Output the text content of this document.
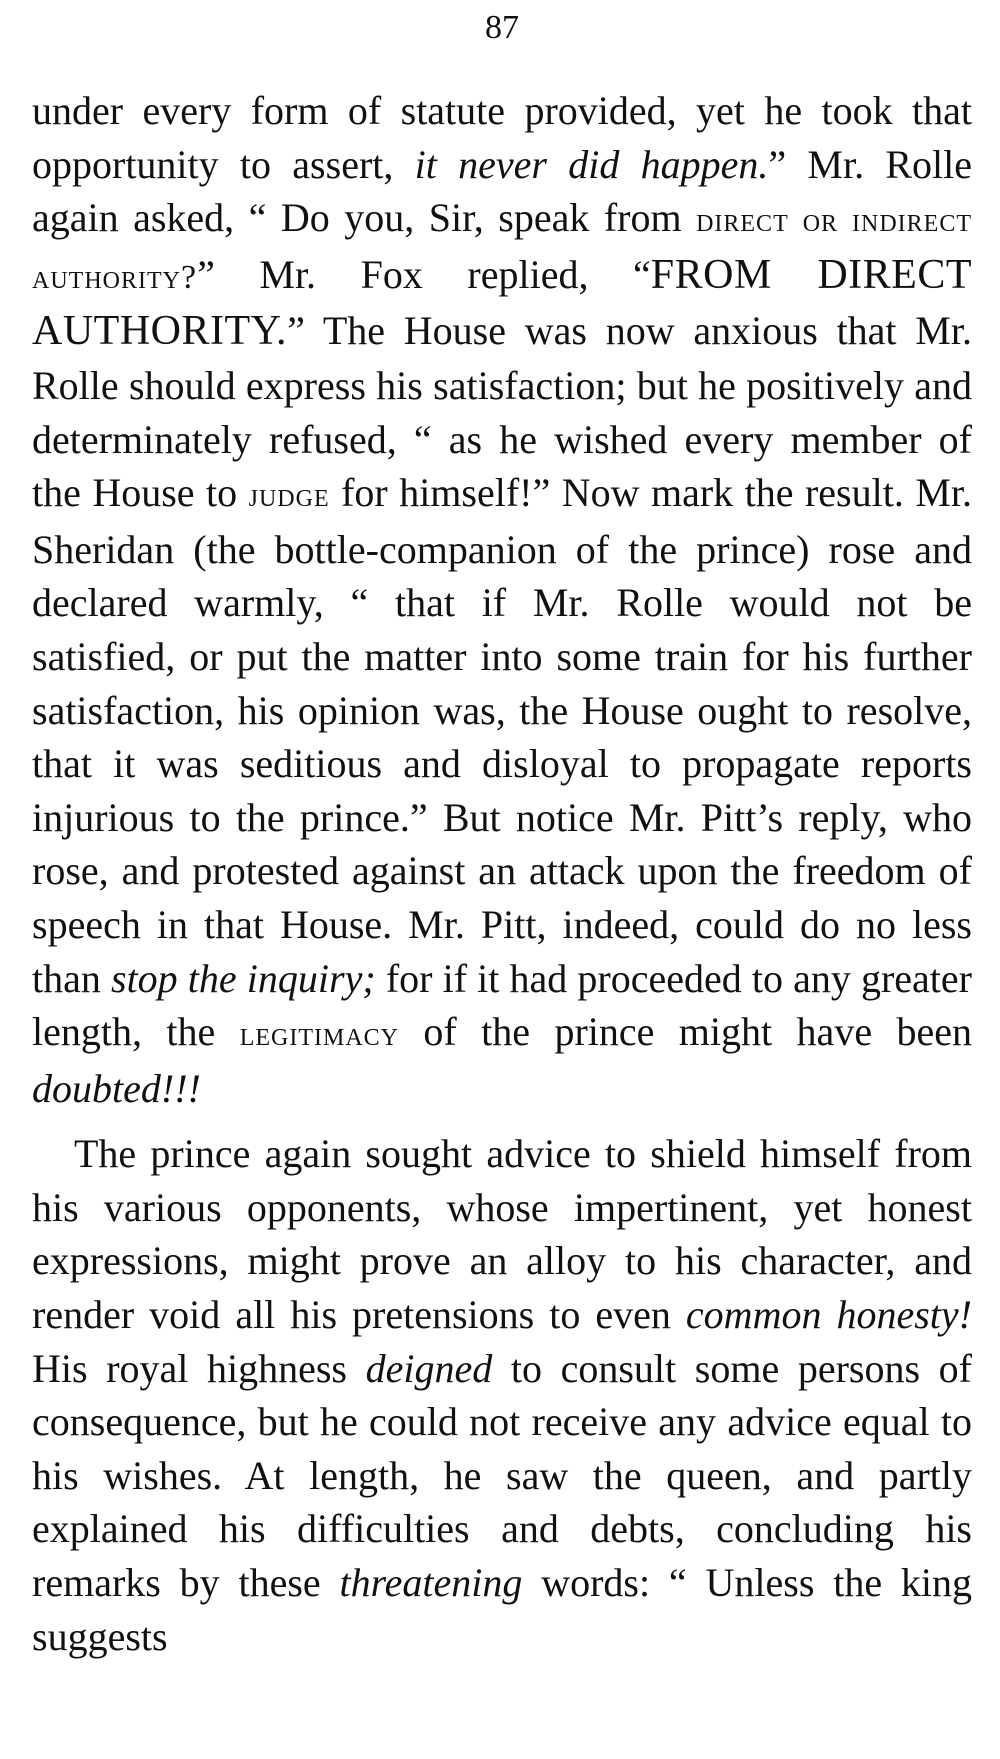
87

under every form of statute provided, yet he took that opportunity to assert, it never did happen.” Mr. Rolle again asked, “ Do you, Sir, speak from direct or indirect authority?” Mr. Fox replied, “FROM DIRECT AUTHORITY.” The House was now anxious that Mr. Rolle should express his satisfaction; but he positively and determinately refused, “ as he wished every member of the House to judge for himself!” Now mark the result. Mr. Sheridan (the bottle-companion of the prince) rose and declared warmly, “ that if Mr. Rolle would not be satisfied, or put the matter into some train for his further satisfaction, his opinion was, the House ought to resolve, that it was seditious and disloyal to propagate reports injurious to the prince.” But notice Mr. Pitt’s reply, who rose, and protested against an attack upon the freedom of speech in that House. Mr. Pitt, indeed, could do no less than stop the inquiry; for if it had proceeded to any greater length, the legitimacy of the prince might have been doubted!!!

The prince again sought advice to shield himself from his various opponents, whose impertinent, yet honest expressions, might prove an alloy to his character, and render void all his pretensions to even common honesty! His royal highness deigned to consult some persons of consequence, but he could not receive any advice equal to his wishes. At length, he saw the queen, and partly explained his difficulties and debts, concluding his remarks by these threatening words: “ Unless the king suggests
